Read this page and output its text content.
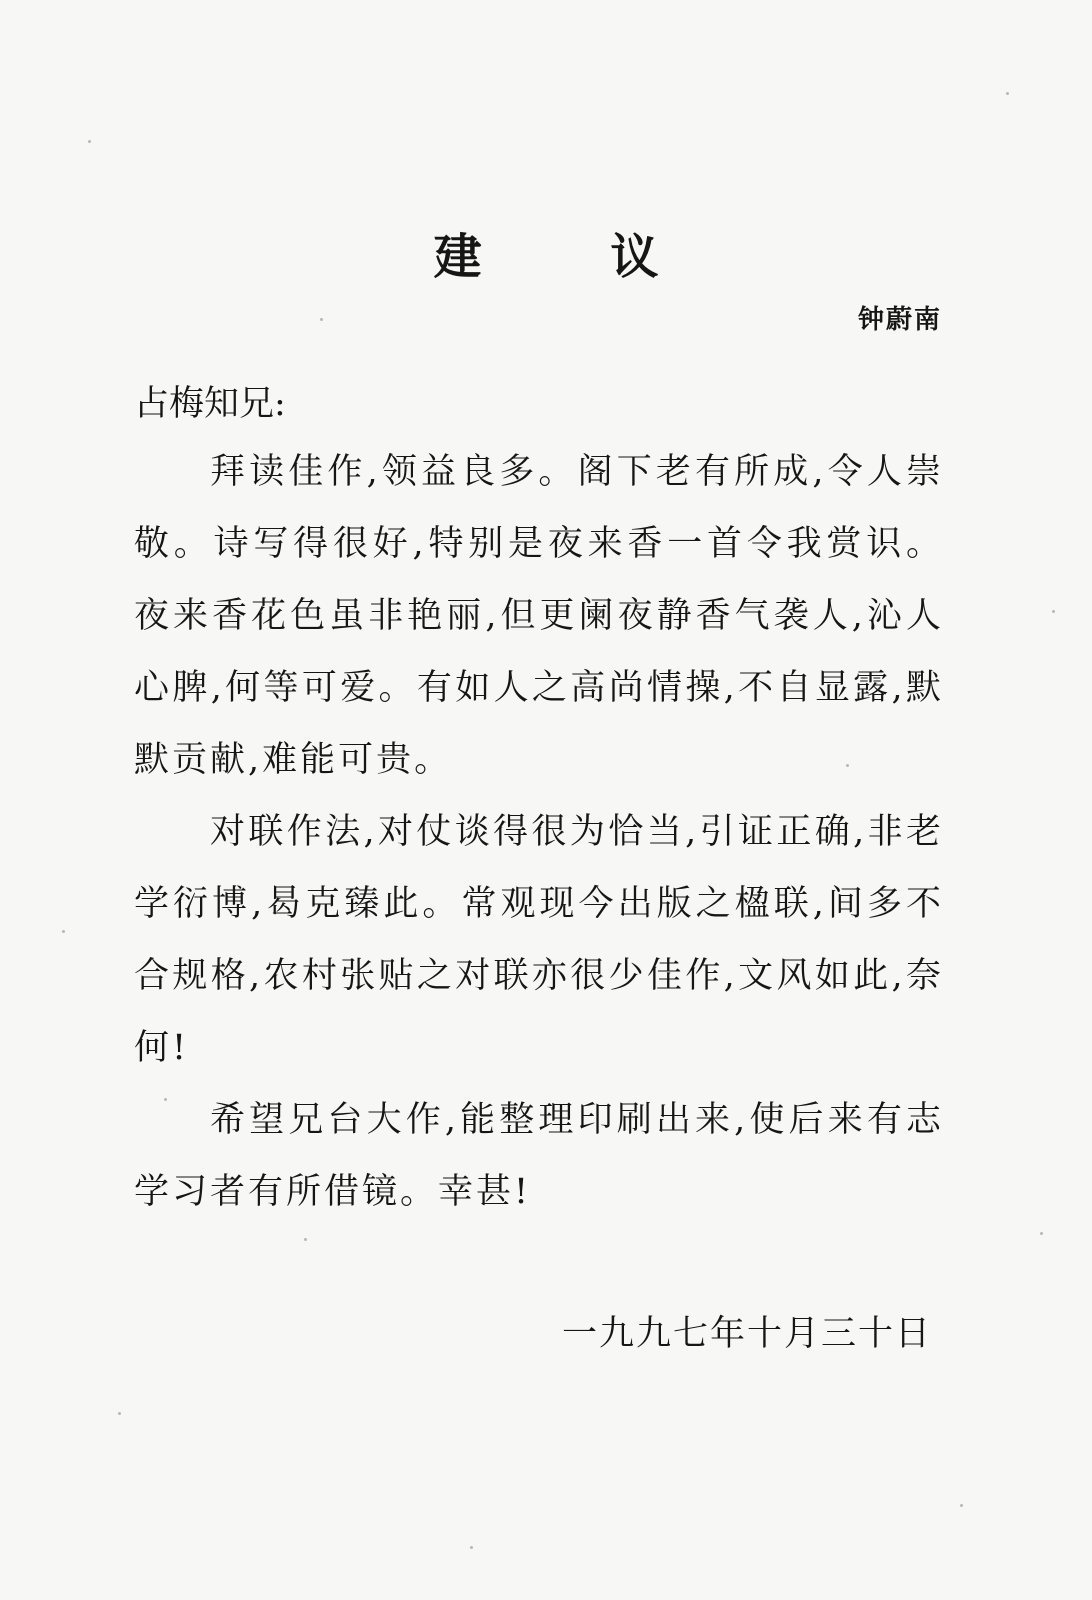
建 议
钟蔚南
占梅知兄:

拜读佳作,领益良多。阁下老有所成,令人崇敬。诗写得很好,特别是夜来香一首令我赏识。夜来香花色虽非艳丽,但更阑夜静香气袭人,沁人心脾,何等可爱。有如人之高尚情操,不自显露,默默贡献,难能可贵。

对联作法,对仗谈得很为恰当,引证正确,非老学衍博,曷克臻此。常观现今出版之楹联,间多不合规格,农村张贴之对联亦很少佳作,文风如此,奈何!

希望兄台大作,能整理印刷出来,使后来有志学习者有所借镜。幸甚!

一九九七年十月三十日
